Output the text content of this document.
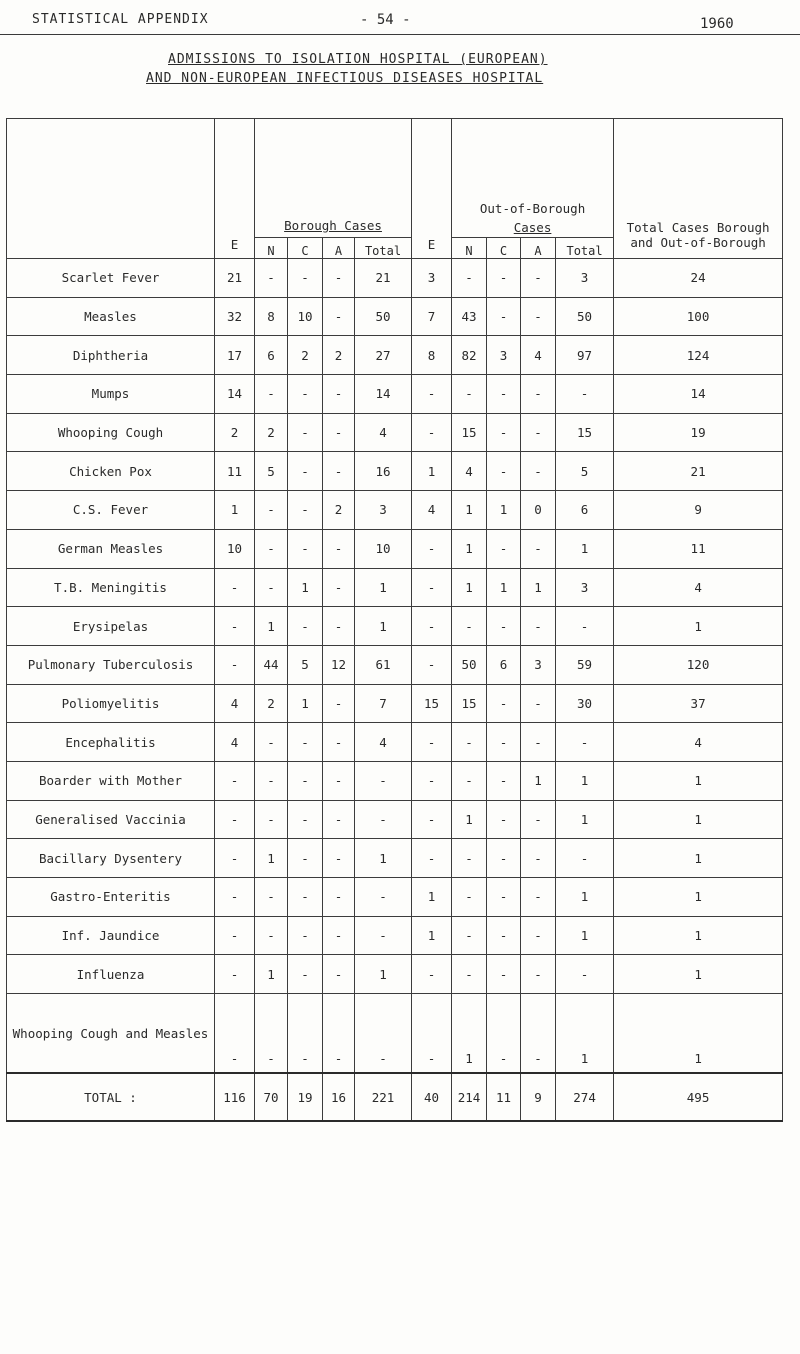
STATISTICAL APPENDIX	- 54 -	1960
ADMISSIONS TO ISOLATION HOSPITAL (EUROPEAN)
AND NON-EUROPEAN INFECTIOUS DISEASES HOSPITAL
	E	Borough Cases				E	Out-of-Borough
Cases				Total Cases Borough and Out-of-Borough

		N	C	A	Total		N	C	A	Total	
Scarlet Fever	21	-	-	-	21	3	-	-	-	3	24
Measles	32	8	10	-	50	7	43	-	-	50	100
Diphtheria	17	6	2	2	27	8	82	3	4	97	124
Mumps	14	-	-	-	14	-	-	-	-	-	14
Whooping Cough	2	2	-	-	4	-	15	-	-	15	19
Chicken Pox	11	5	-	-	16	1	4	-	-	5	21
C.S. Fever	1	-	-	2	3	4	1	1	0	6	9
German Measles	10	-	-	-	10	-	1	-	-	1	11
T.B. Meningitis	-	-	1	-	1	-	1	1	1	3	4
Erysipelas	-	1	-	-	1	-	-	-	-	-	1
Pulmonary Tuberculosis	-	44	5	12	61	-	50	6	3	59	120
Poliomyelitis	4	2	1	-	7	15	15	-	-	30	37
Encephalitis	4	-	-	-	4	-	-	-	-	-	4
Boarder with Mother	-	-	-	-	-	-	-	-	1	1	1
Generalised Vaccinia	-	-	-	-	-	-	1	-	-	1	1
Bacillary Dysentery	-	1	-	-	1	-	-	-	-	-	1
Gastro-Enteritis	-	-	-	-	-	1	-	-	-	1	1
Inf. Jaundice	-	-	-	-	-	1	-	-	-	1	1
Influenza	-	1	-	-	1	-	-	-	-	-	1
Whooping Cough and Measles	-	-	-	-	-	-	1	-	-	1	1
TOTAL :	116	70	19	16	221	40	214	11	9	274	495
